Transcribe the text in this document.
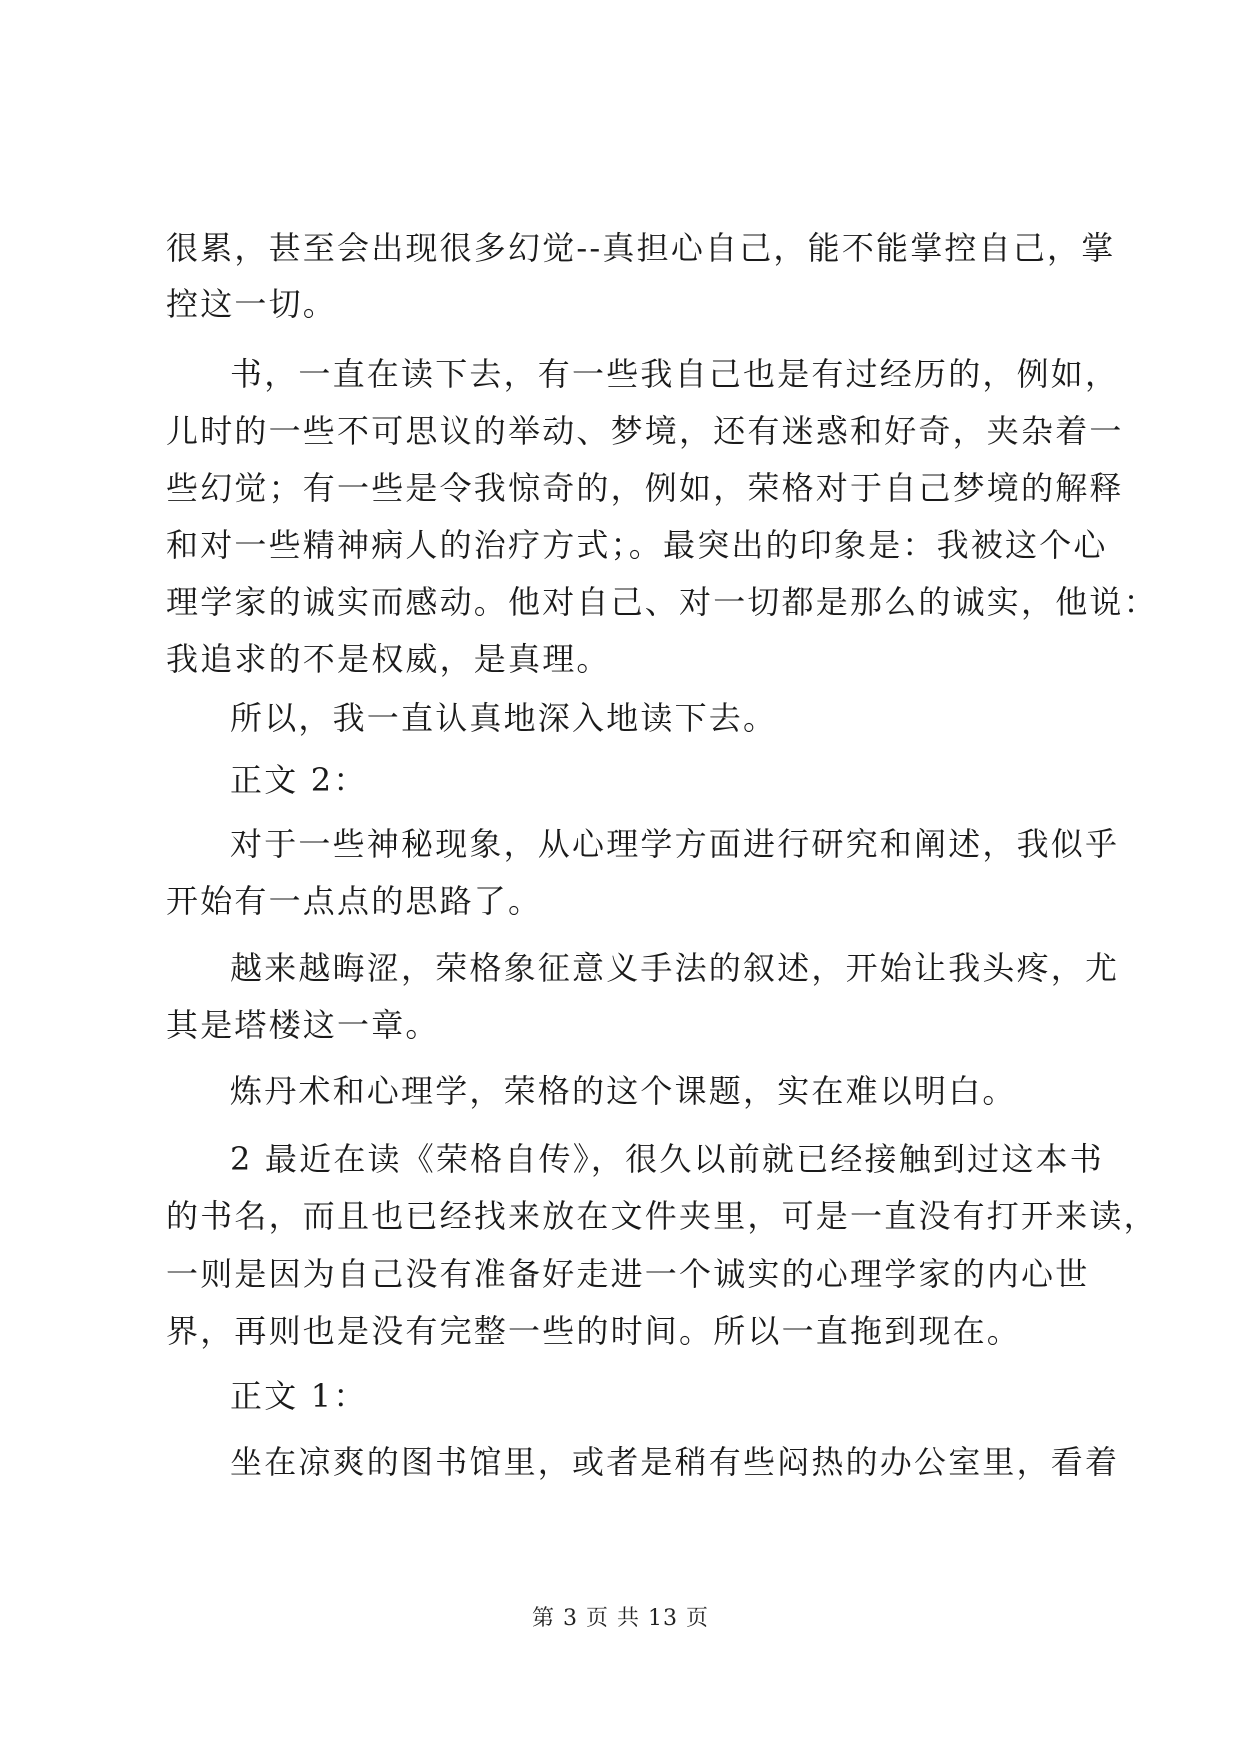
很累，甚至会出现很多幻觉--真担心自己，能不能掌控自己，掌
控这一切。
书，一直在读下去，有一些我自己也是有过经历的，例如，
儿时的一些不可思议的举动、梦境，还有迷惑和好奇，夹杂着一
些幻觉；有一些是令我惊奇的，例如，荣格对于自己梦境的解释
和对一些精神病人的治疗方式；。最突出的印象是：我被这个心
理学家的诚实而感动。他对自己、对一切都是那么的诚实，他说：
我追求的不是权威，是真理。
所以，我一直认真地深入地读下去。
正文 2：
对于一些神秘现象，从心理学方面进行研究和阐述，我似乎
开始有一点点的思路了。
越来越晦涩，荣格象征意义手法的叙述，开始让我头疼，尤
其是塔楼这一章。
炼丹术和心理学，荣格的这个课题，实在难以明白。
2 最近在读《荣格自传》，很久以前就已经接触到过这本书
的书名，而且也已经找来放在文件夹里，可是一直没有打开来读，
一则是因为自己没有准备好走进一个诚实的心理学家的内心世
界，再则也是没有完整一些的时间。所以一直拖到现在。
正文 1：
坐在凉爽的图书馆里，或者是稍有些闷热的办公室里，看着
第 3 页 共 13 页
